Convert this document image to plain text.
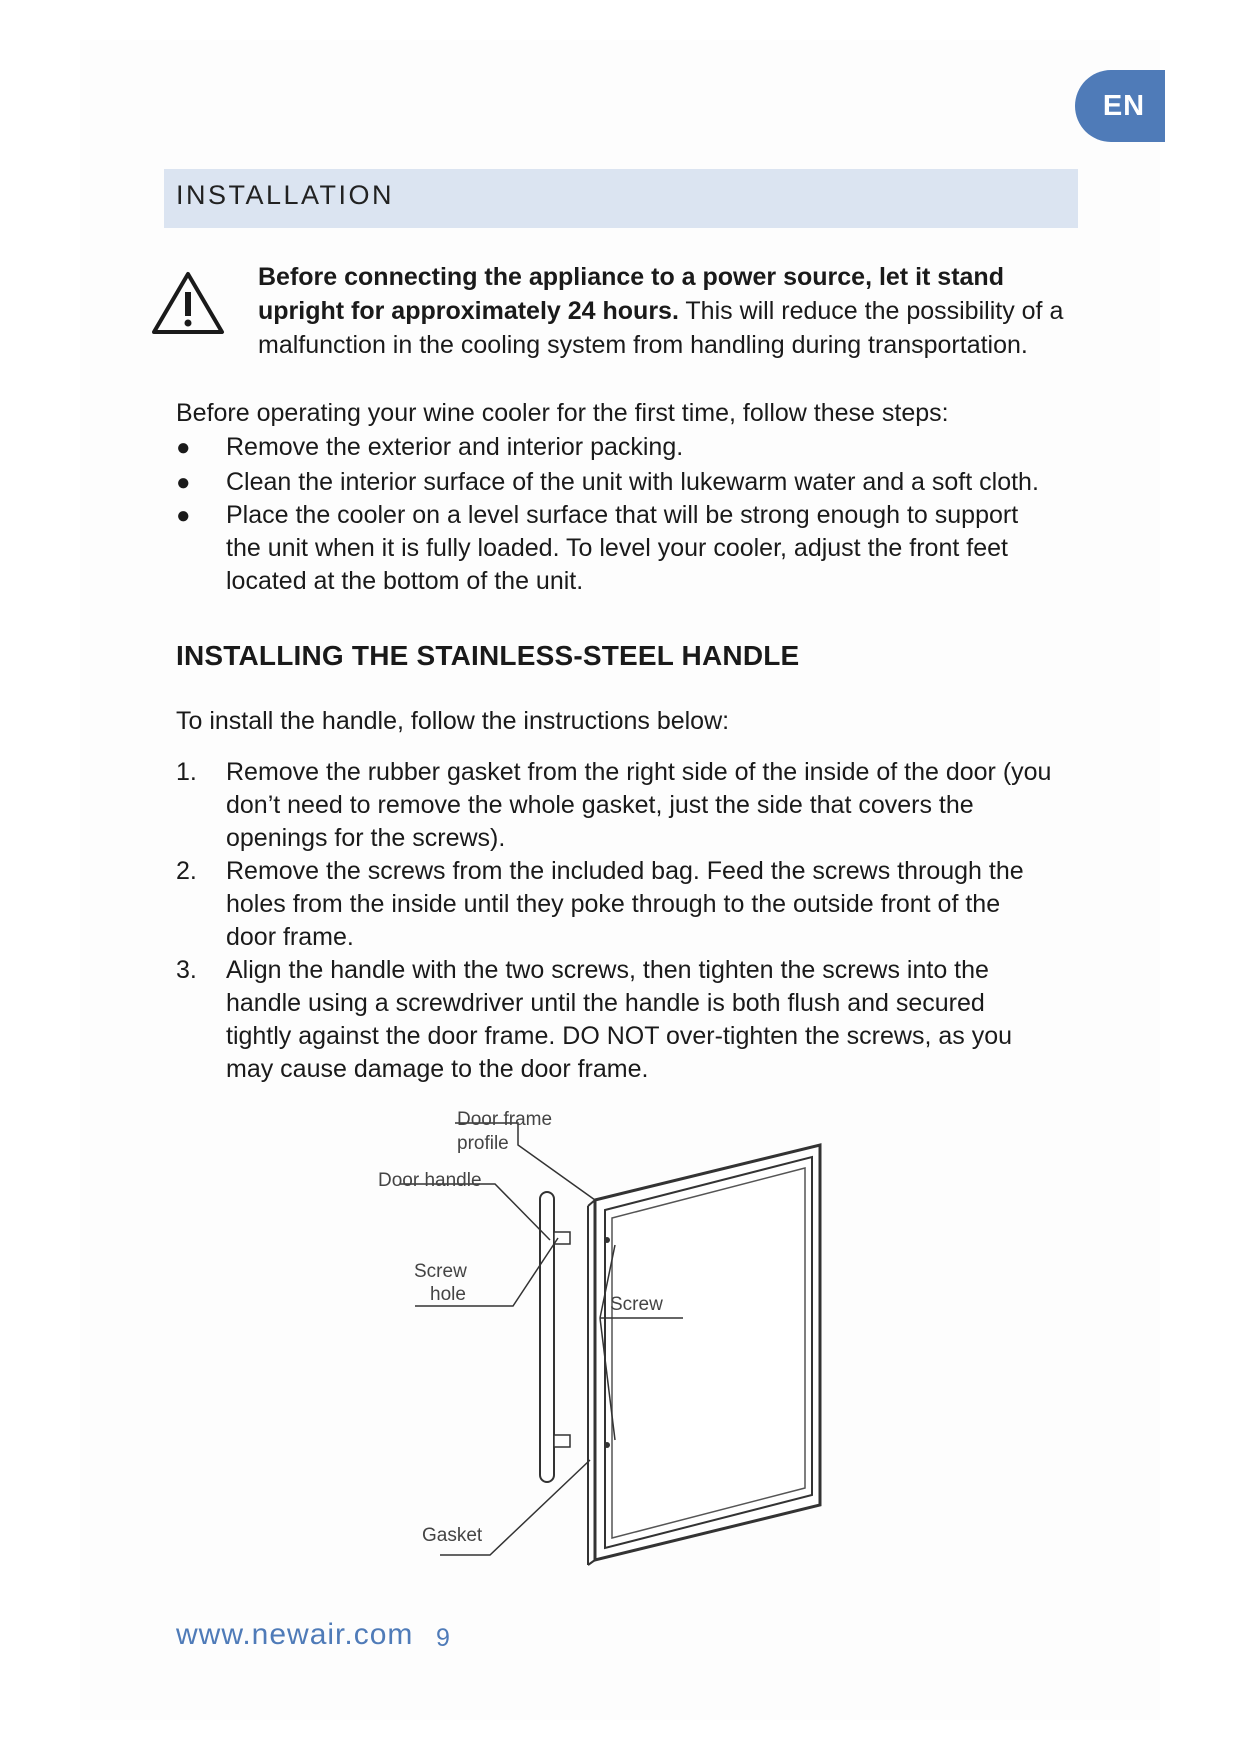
EN
INSTALLATION
Before connecting the appliance to a power source, let it stand upright for approximately 24 hours. This will reduce the possibility of a malfunction in the cooling system from handling during transportation.
Before operating your wine cooler for the first time, follow these steps:
●	Remove the exterior and interior packing.
●	Clean the interior surface of the unit with lukewarm water and a soft cloth.
●	Place the cooler on a level surface that will be strong enough to support the unit when it is fully loaded. To level your cooler, adjust the front feet located at the bottom of the unit.
INSTALLING THE STAINLESS-STEEL HANDLE
To install the handle, follow the instructions below:
1.	Remove the rubber gasket from the right side of the inside of the door (you don’t need to remove the whole gasket, just the side that covers the openings for the screws).
2.	Remove the screws from the included bag. Feed the screws through the holes from the inside until they poke through to the outside front of the door frame.
3.	Align the handle with the two screws, then tighten the screws into the handle using a screwdriver until the handle is both flush and secured tightly against the door frame. DO NOT over-tighten the screws, as you may cause damage to the door frame.
Door frame
profile
Door handle
Screw
hole	Screw
Gasket
www.newair.com 9
